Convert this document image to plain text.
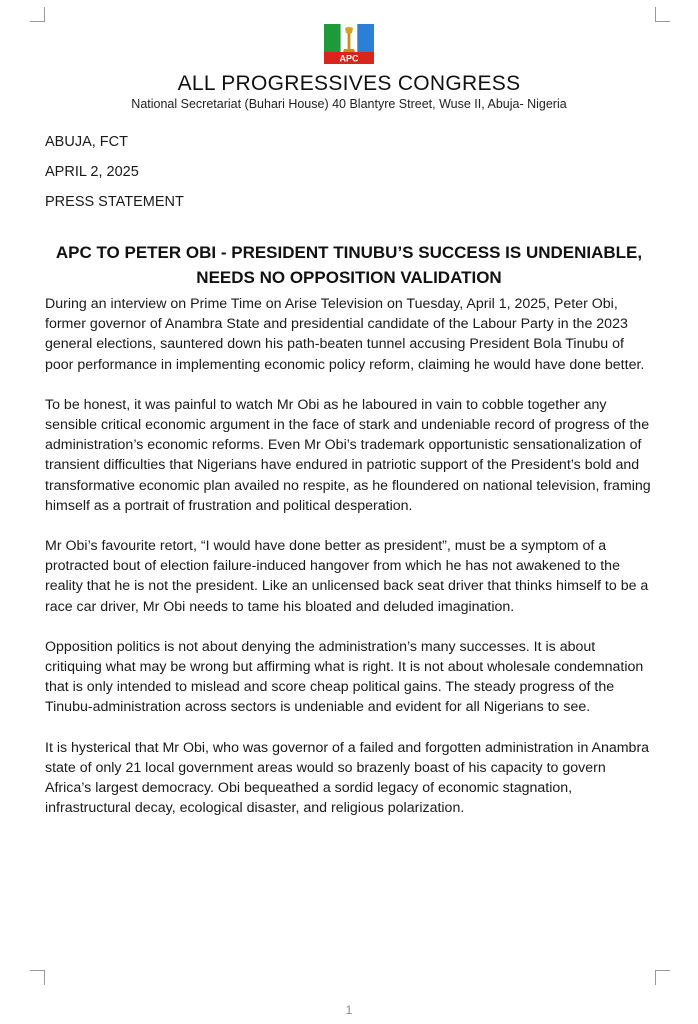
APC
ALL PROGRESSIVES CONGRESS
National Secretariat (Buhari House) 40 Blantyre Street, Wuse II, Abuja- Nigeria
ABUJA, FCT
APRIL 2, 2025
PRESS STATEMENT
APC TO PETER OBI - PRESIDENT TINUBU’S SUCCESS IS UNDENIABLE,
NEEDS NO OPPOSITION VALIDATION

During an interview on Prime Time on Arise Television on Tuesday, April 1, 2025, Peter Obi, former governor of Anambra State and presidential candidate of the Labour Party in the 2023 general elections, sauntered down his path-beaten tunnel accusing President Bola Tinubu of poor performance in implementing economic policy reform, claiming he would have done better.

To be honest, it was painful to watch Mr Obi as he laboured in vain to cobble together any sensible critical economic argument in the face of stark and undeniable record of progress of the administration’s economic reforms. Even Mr Obi’s trademark opportunistic sensationalization of transient difficulties that Nigerians have endured in patriotic support of the President’s bold and transformative economic plan availed no respite, as he floundered on national television, framing himself as a portrait of frustration and political desperation.

Mr Obi’s favourite retort, “I would have done better as president”, must be a symptom of a protracted bout of election failure-induced hangover from which he has not awakened to the reality that he is not the president. Like an unlicensed back seat driver that thinks himself to be a race car driver, Mr Obi needs to tame his bloated and deluded imagination.

Opposition politics is not about denying the administration’s many successes. It is about critiquing what may be wrong but affirming what is right. It is not about wholesale condemnation that is only intended to mislead and score cheap political gains. The steady progress of the Tinubu-administration across sectors is undeniable and evident for all Nigerians to see.

It is hysterical that Mr Obi, who was governor of a failed and forgotten administration in Anambra state of only 21 local government areas would so brazenly boast of his capacity to govern Africa’s largest democracy. Obi bequeathed a sordid legacy of economic stagnation, infrastructural decay, ecological disaster, and religious polarization.

1
